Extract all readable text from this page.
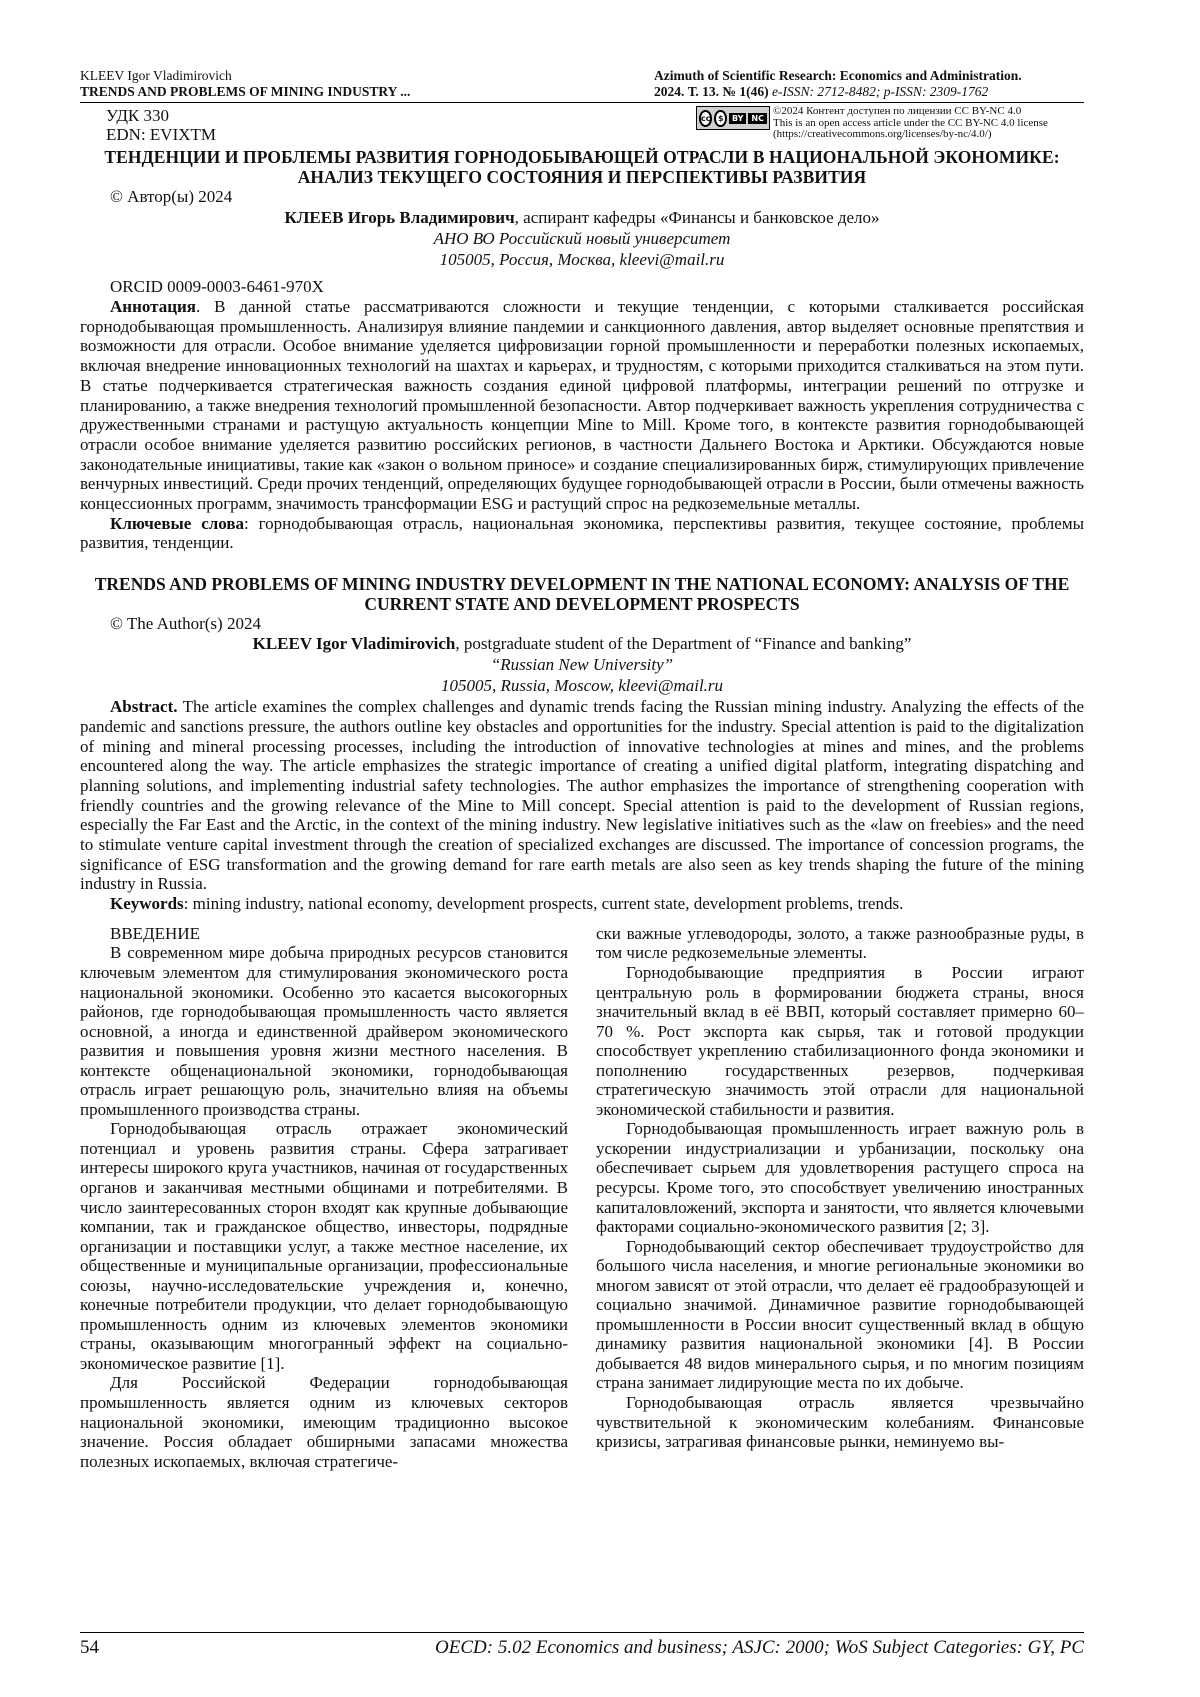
KLEEV Igor Vladimirovich
TRENDS AND PROBLEMS OF MINING INDUSTRY ...
Azimuth of Scientific Research: Economics and Administration.
2024. Т. 13. № 1(46) e-ISSN: 2712-8482; p-ISSN: 2309-1762
УДК 330
EDN: EVIXTM
cc $	BY	NC
©2024 Контент доступен по лицензии CC BY-NC 4.0
This is an open access article under the CC BY-NC 4.0 license
(https://creativecommons.org/licenses/by-nc/4.0/)
ТЕНДЕНЦИИ И ПРОБЛЕМЫ РАЗВИТИЯ ГОРНОДОБЫВАЮЩЕЙ ОТРАСЛИ В НАЦИОНАЛЬНОЙ ЭКОНОМИКЕ: АНАЛИЗ ТЕКУЩЕГО СОСТОЯНИЯ И ПЕРСПЕКТИВЫ РАЗВИТИЯ
© Автор(ы) 2024
КЛЕЕВ Игорь Владимирович, аспирант кафедры «Финансы и банковское дело»
АНО ВО Российский новый университет
105005, Россия, Москва, kleevi@mail.ru
ORCID 0009-0003-6461-970X

Аннотация. В данной статье рассматриваются сложности и текущие тенденции, с которыми сталкивается российская горнодобывающая промышленность. Анализируя влияние пандемии и санкционного давления, автор выделяет основные препятствия и возможности для отрасли. Особое внимание уделяется цифровизации горной промышленности и переработки полезных ископаемых, включая внедрение инновационных технологий на шахтах и карьерах, и трудностям, с которыми приходится сталкиваться на этом пути. В статье подчеркивается стратегическая важность создания единой цифровой платформы, интеграции решений по отгрузке и планированию, а также внедрения технологий промышленной безопасности. Автор подчеркивает важность укрепления сотрудничества с дружественными странами и растущую актуальность концепции Mine to Mill. Кроме того, в контексте развития горнодобывающей отрасли особое внимание уделяется развитию российских регионов, в частности Дальнего Востока и Арктики. Обсуждаются новые законодательные инициативы, такие как «закон о вольном приносе» и создание специализированных бирж, стимулирующих привлечение венчурных инвестиций. Среди прочих тенденций, определяющих будущее горнодобывающей отрасли в России, были отмечены важность концессионных программ, значимость трансформации ESG и растущий спрос на редкоземельные металлы.

Ключевые слова: горнодобывающая отрасль, национальная экономика, перспективы развития, текущее состояние, проблемы развития, тенденции.

TRENDS AND PROBLEMS OF MINING INDUSTRY DEVELOPMENT IN THE NATIONAL ECONOMY: ANALYSIS OF THE CURRENT STATE AND DEVELOPMENT PROSPECTS
© The Author(s) 2024
KLEEV Igor Vladimirovich, postgraduate student of the Department of “Finance and banking”
“Russian New University”
105005, Russia, Moscow, kleevi@mail.ru

Abstract. The article examines the complex challenges and dynamic trends facing the Russian mining industry. Analyzing the effects of the pandemic and sanctions pressure, the authors outline key obstacles and opportunities for the industry. Special attention is paid to the digitalization of mining and mineral processing processes, including the introduction of innovative technologies at mines and mines, and the problems encountered along the way. The article emphasizes the strategic importance of creating a unified digital platform, integrating dispatching and planning solutions, and implementing industrial safety technologies. The author emphasizes the importance of strengthening cooperation with friendly countries and the growing relevance of the Mine to Mill concept. Special attention is paid to the development of Russian regions, especially the Far East and the Arctic, in the context of the mining industry. New legislative initiatives such as the «law on freebies» and the need to stimulate venture capital investment through the creation of specialized exchanges are discussed. The importance of concession programs, the significance of ESG transformation and the growing demand for rare earth metals are also seen as key trends shaping the future of the mining industry in Russia.

Keywords: mining industry, national economy, development prospects, current state, development problems, trends.

ВВЕДЕНИЕ

В современном мире добыча природных ресурсов становится ключевым элементом для стимулирования экономического роста национальной экономики. Особенно это касается высокогорных районов, где горнодобывающая промышленность часто является основной, а иногда и единственной драйвером экономического развития и повышения уровня жизни местного населения. В контексте общенациональной экономики, горнодобывающая отрасль играет решающую роль, значительно влияя на объемы промышленного производства страны.

Горнодобывающая отрасль отражает экономический потенциал и уровень развития страны. Сфера затрагивает интересы широкого круга участников, начиная от государственных органов и заканчивая местными общинами и потребителями. В число заинтересованных сторон входят как крупные добывающие компании, так и гражданское общество, инвесторы, подрядные организации и поставщики услуг, а также местное население, их общественные и муниципальные организации, профессиональные союзы, научно-исследовательские учреждения и, конечно, конечные потребители продукции, что делает горнодобывающую промышленность одним из ключевых элементов экономики страны, оказывающим многогранный эффект на социально-экономическое развитие [1].

Для Российской Федерации горнодобывающая промышленность является одним из ключевых секторов национальной экономики, имеющим традиционно высокое значение. Россия обладает обширными запасами множества полезных ископаемых, включая стратегиче-

ски важные углеводороды, золото, а также разнообразные руды, в том числе редкоземельные элементы.

Горнодобывающие предприятия в России играют центральную роль в формировании бюджета страны, внося значительный вклад в её ВВП, который составляет примерно 60–70 %. Рост экспорта как сырья, так и готовой продукции способствует укреплению стабилизационного фонда экономики и пополнению государственных резервов, подчеркивая стратегическую значимость этой отрасли для национальной экономической стабильности и развития.

Горнодобывающая промышленность играет важную роль в ускорении индустриализации и урбанизации, поскольку она обеспечивает сырьем для удовлетворения растущего спроса на ресурсы. Кроме того, это способствует увеличению иностранных капиталовложений, экспорта и занятости, что является ключевыми факторами социально-экономического развития [2; 3].

Горнодобывающий сектор обеспечивает трудоустройство для большого числа населения, и многие региональные экономики во многом зависят от этой отрасли, что делает её градообразующей и социально значимой. Динамичное развитие горнодобывающей промышленности в России вносит существенный вклад в общую динамику развития национальной экономики [4]. В России добывается 48 видов минерального сырья, и по многим позициям страна занимает лидирующие места по их добыче.

Горнодобывающая отрасль является чрезвычайно чувствительной к экономическим колебаниям. Финансовые кризисы, затрагивая финансовые рынки, неминуемо вы-

54	OECD: 5.02 Economics and business; ASJC: 2000; WoS Subject Categories: GY, PC
